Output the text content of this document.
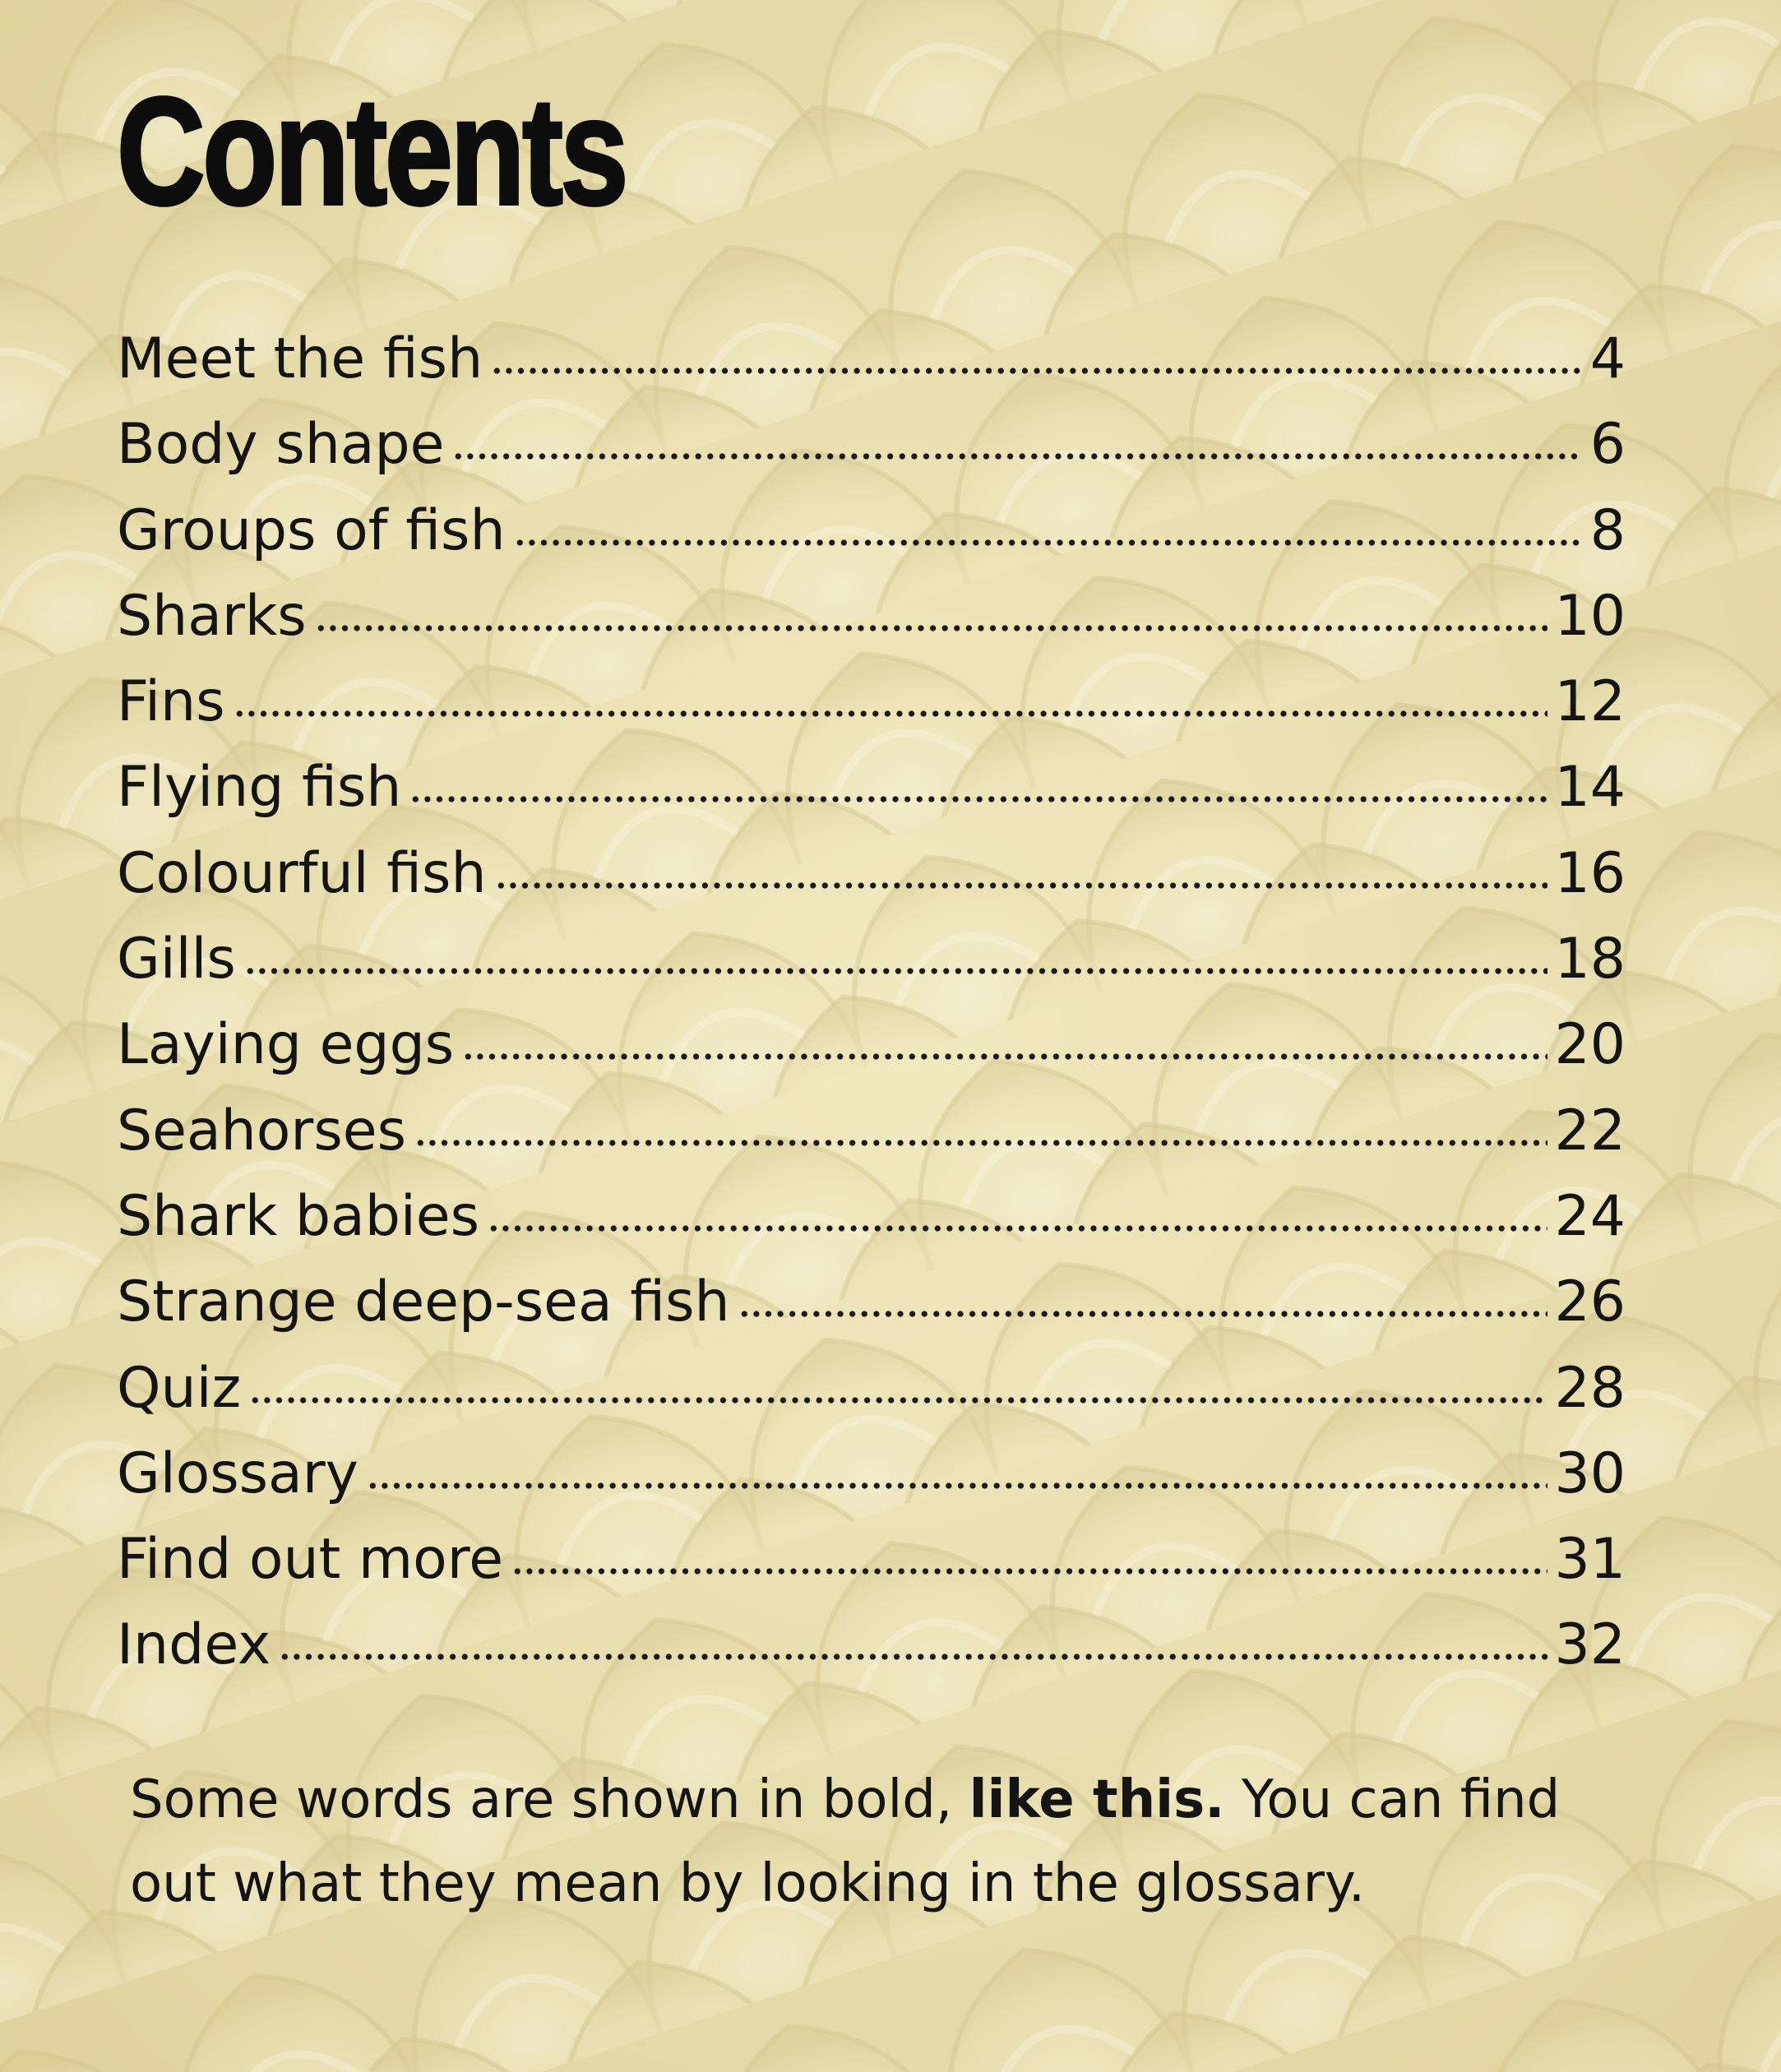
Contents
Meet the fish	4
Body shape	6
Groups of fish	8
Sharks	10
Fins	12
Flying fish	14
Colourful fish	16
Gills	18
Laying eggs	20
Seahorses	22
Shark babies	24
Strange deep-sea fish	26
Quiz	28
Glossary	30
Find out more	31
Index	32

Some words are shown in bold, like this. You can find out what they mean by looking in the glossary.
